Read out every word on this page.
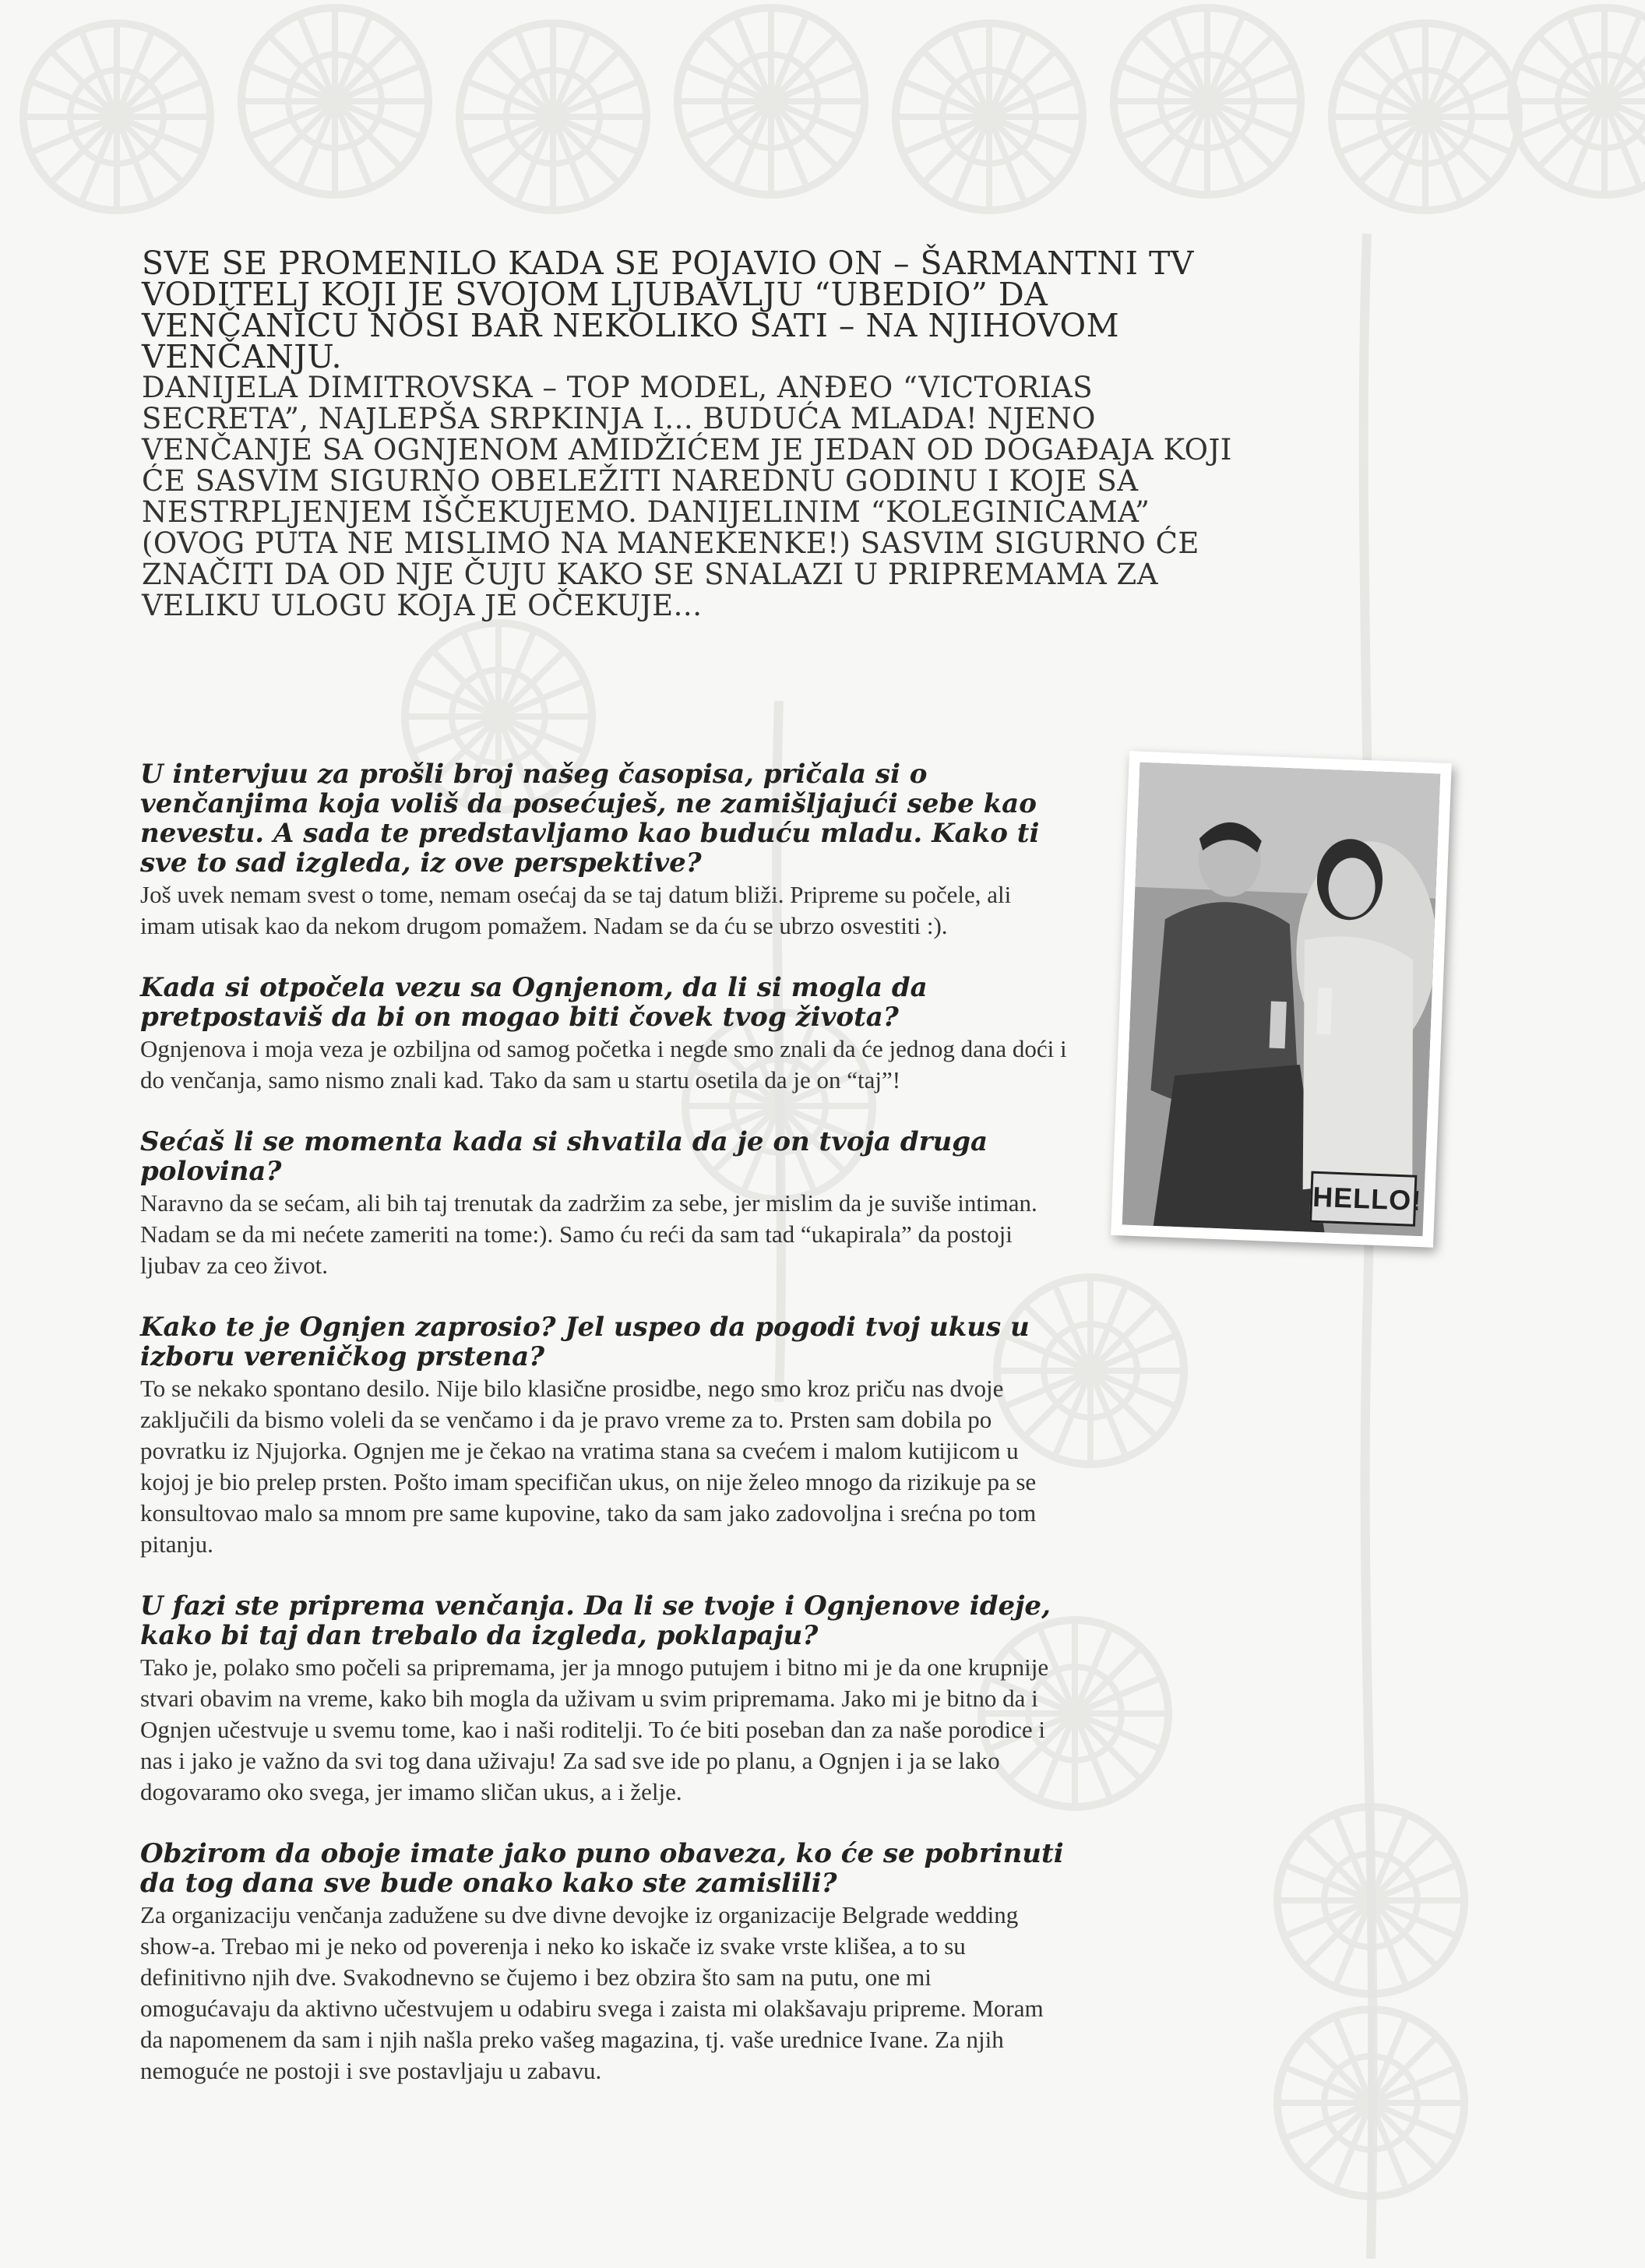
SVE SE PROMENILO KADA SE POJAVIO ON – ŠARMANTNI TV VODITELJ KOJI JE SVOJOM LJUBAVLJU “UBEDIO” DA VENČANICU NOSI BAR NEKOLIKO SATI – NA NJIHOVOM VENČANJU.

DANIJELA DIMITROVSKA – TOP MODEL, ANĐEO “VICTORIAS SECRETA”, NAJLEPŠA SRPKINJA I... BUDUĆA MLADA! NJENO VENČANJE SA OGNJENOM AMIDŽIĆEM JE JEDAN OD DOGAĐAJA KOJI ĆE SASVIM SIGURNO OBELEŽITI NAREDNU GODINU I KOJE SA NESTRPLJENJEM IŠČEKUJEMO. DANIJELINIM “KOLEGINICAMA” (OVOG PUTA NE MISLIMO NA MANEKENKE!) SASVIM SIGURNO ĆE ZNAČITI DA OD NJE ČUJU KAKO SE SNALAZI U PRIPREMAMA ZA VELIKU ULOGU KOJA JE OČEKUJE...

U intervjuu za prošli broj našeg časopisa, pričala si o venčanjima koja voliš da posećuješ, ne zamišljajući sebe kao nevestu. A sada te predstavljamo kao buduću mladu. Kako ti sve to sad izgleda, iz ove perspektive?

Još uvek nemam svest o tome, nemam osećaj da se taj datum bliži. Pripreme su počele, ali imam utisak kao da nekom drugom pomažem. Nadam se da ću se ubrzo osvestiti :).

Kada si otpočela vezu sa Ognjenom, da li si mogla da pretpostaviš da bi on mogao biti čovek tvog života?

Ognjenova i moja veza je ozbiljna od samog početka i negde smo znali da će jednog dana doći i do venčanja, samo nismo znali kad. Tako da sam u startu osetila da je on “taj”!

Sećaš li se momenta kada si shvatila da je on tvoja druga polovina?

Naravno da se sećam, ali bih taj trenutak da zadržim za sebe, jer mislim da je suviše intiman. Nadam se da mi nećete zameriti na tome:). Samo ću reći da sam tad “ukapirala” da postoji ljubav za ceo život.

Kako te je Ognjen zaprosio? Jel uspeo da pogodi tvoj ukus u izboru vereničkog prstena?

To se nekako spontano desilo. Nije bilo klasične prosidbe, nego smo kroz priču nas dvoje zaključili da bismo voleli da se venčamo i da je pravo vreme za to. Prsten sam dobila po povratku iz Njujorka. Ognjen me je čekao na vratima stana sa cvećem i malom kutijicom u kojoj je bio prelep prsten. Pošto imam specifičan ukus, on nije želeo mnogo da rizikuje pa se konsultovao malo sa mnom pre same kupovine, tako da sam jako zadovoljna i srećna po tom pitanju.

U fazi ste priprema venčanja. Da li se tvoje i Ognjenove ideje, kako bi taj dan trebalo da izgleda, poklapaju?

Tako je, polako smo počeli sa pripremama, jer ja mnogo putujem i bitno mi je da one krupnije stvari obavim na vreme, kako bih mogla da uživam u svim pripremama. Jako mi je bitno da i Ognjen učestvuje u svemu tome, kao i naši roditelji. To će biti poseban dan za naše porodice i nas i jako je važno da svi tog dana uživaju! Za sad sve ide po planu, a Ognjen i ja se lako dogovaramo oko svega, jer imamo sličan ukus, a i želje.

Obzirom da oboje imate jako puno obaveza, ko će se pobrinuti da tog dana sve bude onako kako ste zamislili?

Za organizaciju venčanja zadužene su dve divne devojke iz organizacije Belgrade wedding show-a. Trebao mi je neko od poverenja i neko ko iskače iz svake vrste klišea, a to su definitivno njih dve. Svakodnevno se čujemo i bez obzira što sam na putu, one mi omogućavaju da aktivno učestvujem u odabiru svega i zaista mi olakšavaju pripreme. Moram da napomenem da sam i njih našla preko vašeg magazina, tj. vaše urednice Ivane. Za njih nemoguće ne postoji i sve postavljaju u zabavu.

HELLO!
